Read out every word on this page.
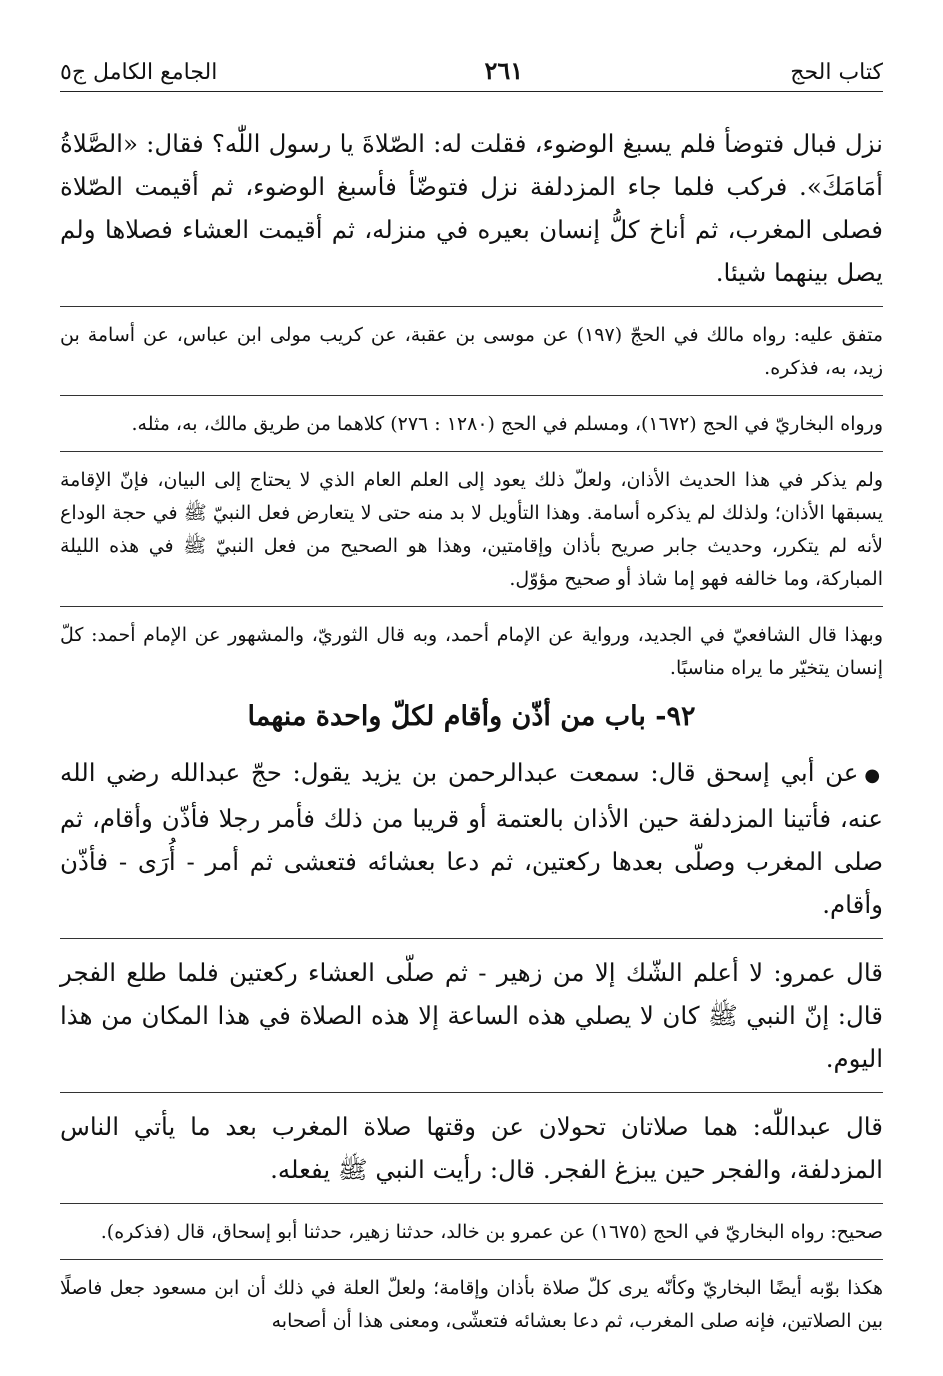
كتاب الحج
٢٦١
الجامع الكامل ج٥

نزل فبال فتوضأ فلم يسبغ الوضوء، فقلت له: الصّلاةَ يا رسول اللّٰه؟ فقال: «الصَّلاةُ أمَامَكَ». فركب فلما جاء المزدلفة نزل فتوضّأ فأسبغ الوضوء، ثم أقيمت الصّلاة فصلى المغرب، ثم أناخ كلُّ إنسان بعيره في منزله، ثم أقيمت العشاء فصلاها ولم يصل بينهما شيئا.

متفق عليه: رواه مالك في الحجّ (١٩٧) عن موسى بن عقبة، عن كريب مولى ابن عباس، عن أسامة بن زيد، به، فذكره.

ورواه البخاريّ في الحج (١٦٧٢)، ومسلم في الحج (١٢٨٠ : ٢٧٦) كلاهما من طريق مالك، به، مثله.

ولم يذكر في هذا الحديث الأذان، ولعلّ ذلك يعود إلى العلم العام الذي لا يحتاج إلى البيان، فإنّ الإقامة يسبقها الأذان؛ ولذلك لم يذكره أسامة. وهذا التأويل لا بد منه حتى لا يتعارض فعل النبيّ ﷺ في حجة الوداع لأنه لم يتكرر، وحديث جابر صريح بأذان وإقامتين، وهذا هو الصحيح من فعل النبيّ ﷺ في هذه الليلة المباركة، وما خالفه فهو إما شاذ أو صحيح مؤوّل.

وبهذا قال الشافعيّ في الجديد، ورواية عن الإمام أحمد، وبه قال الثوريّ، والمشهور عن الإمام أحمد: كلّ إنسان يتخيّر ما يراه مناسبًا.

٩٢- باب من أذّن وأقام لكلّ واحدة منهما

●عن أبي إسحق قال: سمعت عبدالرحمن بن يزيد يقول: حجّ عبدالله رضي الله عنه، فأتينا المزدلفة حين الأذان بالعتمة أو قريبا من ذلك فأمر رجلا فأذّن وأقام، ثم صلى المغرب وصلّى بعدها ركعتين، ثم دعا بعشائه فتعشى ثم أمر - أُرَى - فأذّن وأقام.

قال عمرو: لا أعلم الشّك إلا من زهير - ثم صلّى العشاء ركعتين فلما طلع الفجر قال: إنّ النبي ﷺ كان لا يصلي هذه الساعة إلا هذه الصلاة في هذا المكان من هذا اليوم.

قال عبداللّٰه: هما صلاتان تحولان عن وقتها صلاة المغرب بعد ما يأتي الناس المزدلفة، والفجر حين يبزغ الفجر. قال: رأيت النبي ﷺ يفعله.

صحيح: رواه البخاريّ في الحج (١٦٧٥) عن عمرو بن خالد، حدثنا زهير، حدثنا أبو إسحاق، قال (فذكره).

هكذا بوّبه أيضًا البخاريّ وكأنّه يرى كلّ صلاة بأذان وإقامة؛ ولعلّ العلة في ذلك أن ابن مسعود جعل فاصلًا بين الصلاتين، فإنه صلى المغرب، ثم دعا بعشائه فتعشّى، ومعنى هذا أن أصحابه
